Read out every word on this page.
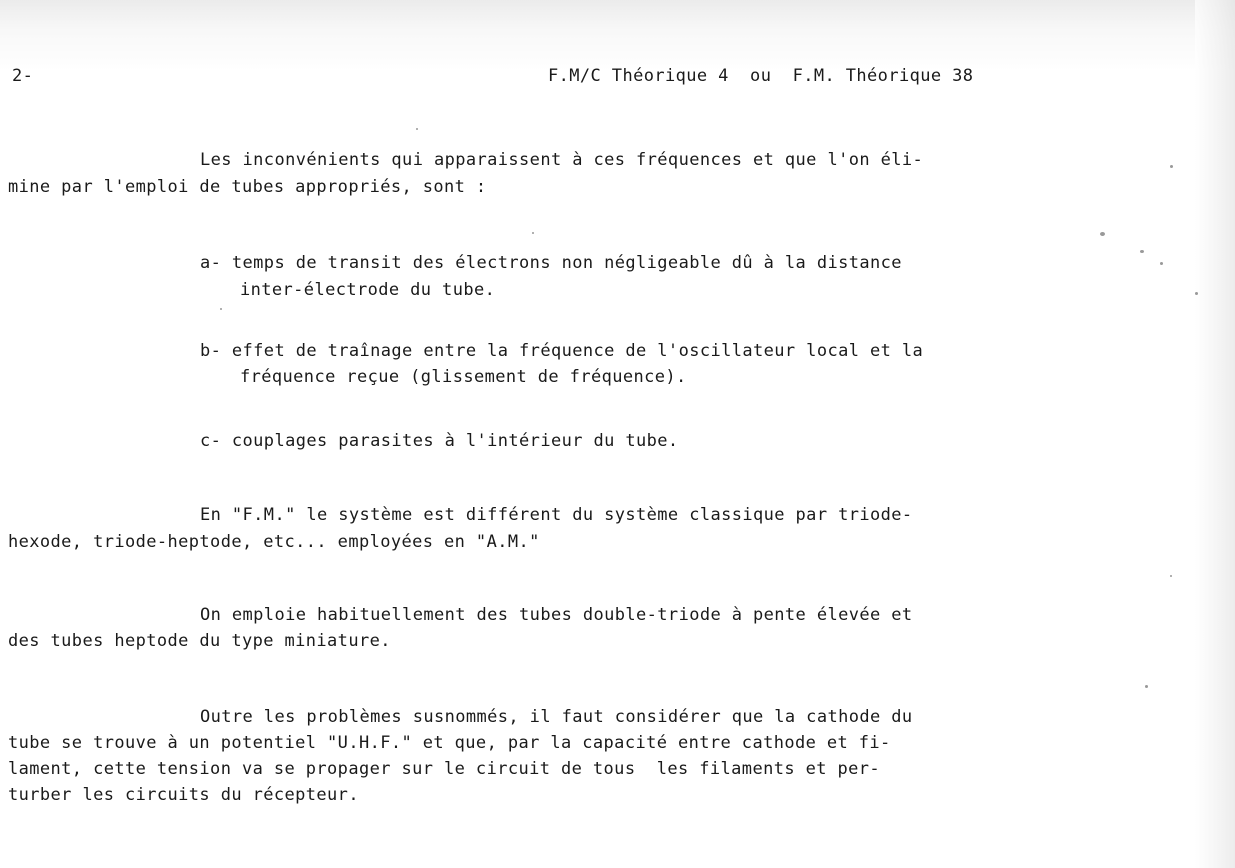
2-	F.M/C Théorique 4  ou  F.M. Théorique 38
Les inconvénients qui apparaissent à ces fréquences et que l'on éli-
mine par l'emploi de tubes appropriés, sont :
a- temps de transit des électrons non négligeable dû à la distance
inter-électrode du tube.
b- effet de traînage entre la fréquence de l'oscillateur local et la
fréquence reçue (glissement de fréquence).
c- couplages parasites à l'intérieur du tube.
En "F.M." le système est différent du système classique par triode-
hexode, triode-heptode, etc... employées en "A.M."
On emploie habituellement des tubes double-triode à pente élevée et
des tubes heptode du type miniature.
Outre les problèmes susnommés, il faut considérer que la cathode du
tube se trouve à un potentiel "U.H.F." et que, par la capacité entre cathode et fi-
lament, cette tension va se propager sur le circuit de tous  les filaments et per-
turber les circuits du récepteur.
